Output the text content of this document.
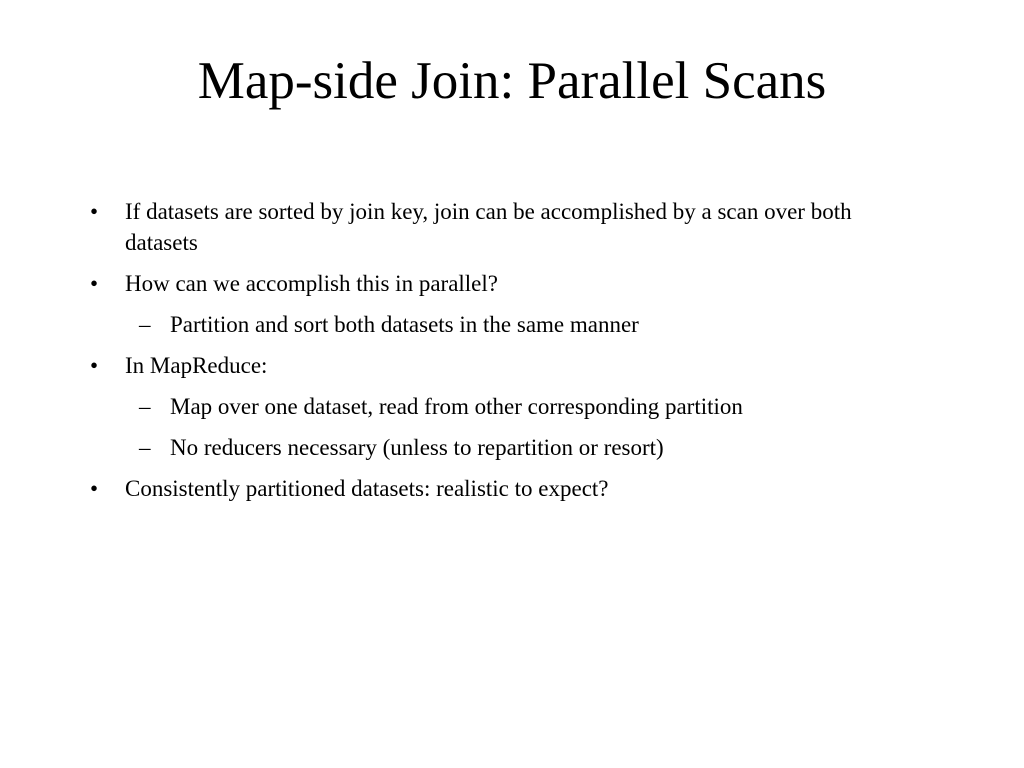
Map-side Join: Parallel Scans
• If datasets are sorted by join key, join can be accomplished by a scan over both datasets
• How can we accomplish this in parallel?
– Partition and sort both datasets in the same manner
• In MapReduce:
– Map over one dataset, read from other corresponding partition
– No reducers necessary (unless to repartition or resort)
• Consistently partitioned datasets: realistic to expect?
